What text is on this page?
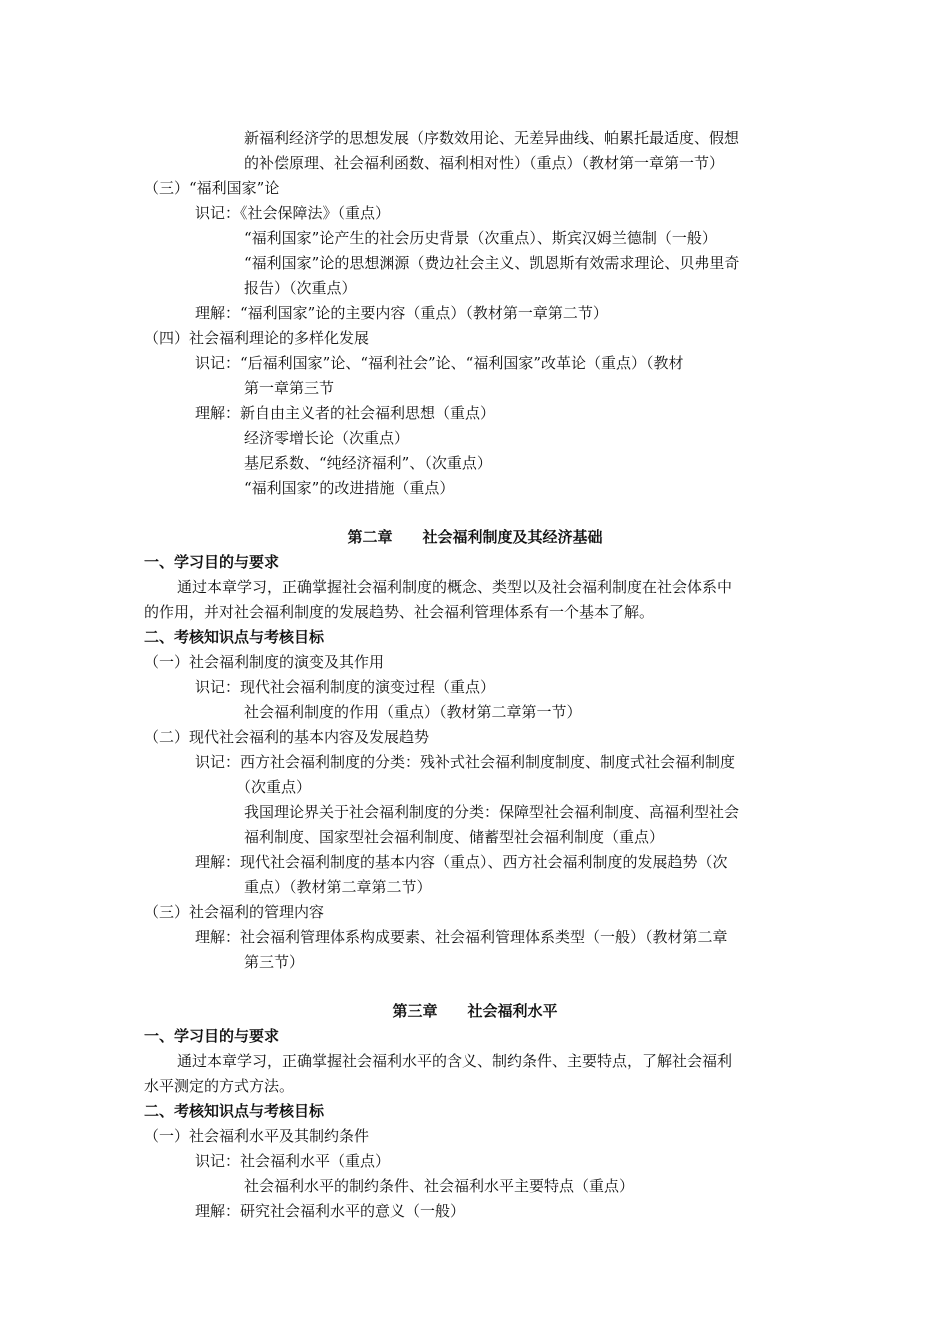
新福利经济学的思想发展（序数效用论、无差异曲线、帕累托最适度、假想
的补偿原理、社会福利函数、福利相对性）（重点）（教材第一章第一节）
（三）“福利国家”论
识记：《社会保障法》（重点）
“福利国家”论产生的社会历史背景（次重点）、斯宾汉姆兰德制（一般）
“福利国家”论的思想渊源（费边社会主义、凯恩斯有效需求理论、贝弗里奇
报告）（次重点）
理解：“福利国家”论的主要内容（重点）（教材第一章第二节）
（四）社会福利理论的多样化发展
识记：“后福利国家”论、“福利社会”论、“福利国家”改革论（重点）（教材
第一章第三节
理解：新自由主义者的社会福利思想（重点）
经济零增长论（次重点）
基尼系数、“纯经济福利”、（次重点）
“福利国家”的改进措施（重点）
第二章　　社会福利制度及其经济基础
一、学习目的与要求
通过本章学习，正确掌握社会福利制度的概念、类型以及社会福利制度在社会体系中
的作用，并对社会福利制度的发展趋势、社会福利管理体系有一个基本了解。
二、考核知识点与考核目标
（一）社会福利制度的演变及其作用
识记：现代社会福利制度的演变过程（重点）
社会福利制度的作用（重点）（教材第二章第一节）
（二）现代社会福利的基本内容及发展趋势
识记：西方社会福利制度的分类：残补式社会福利制度制度、制度式社会福利制度
（次重点）
我国理论界关于社会福利制度的分类：保障型社会福利制度、高福利型社会
福利制度、国家型社会福利制度、储蓄型社会福利制度（重点）
理解：现代社会福利制度的基本内容（重点）、西方社会福利制度的发展趋势（次
重点）（教材第二章第二节）
（三）社会福利的管理内容
理解：社会福利管理体系构成要素、社会福利管理体系类型（一般）（教材第二章
第三节）
第三章　　社会福利水平
一、学习目的与要求
通过本章学习，正确掌握社会福利水平的含义、制约条件、主要特点，了解社会福利
水平测定的方式方法。
二、考核知识点与考核目标
（一）社会福利水平及其制约条件
识记：社会福利水平（重点）
社会福利水平的制约条件、社会福利水平主要特点（重点）
理解：研究社会福利水平的意义（一般）
